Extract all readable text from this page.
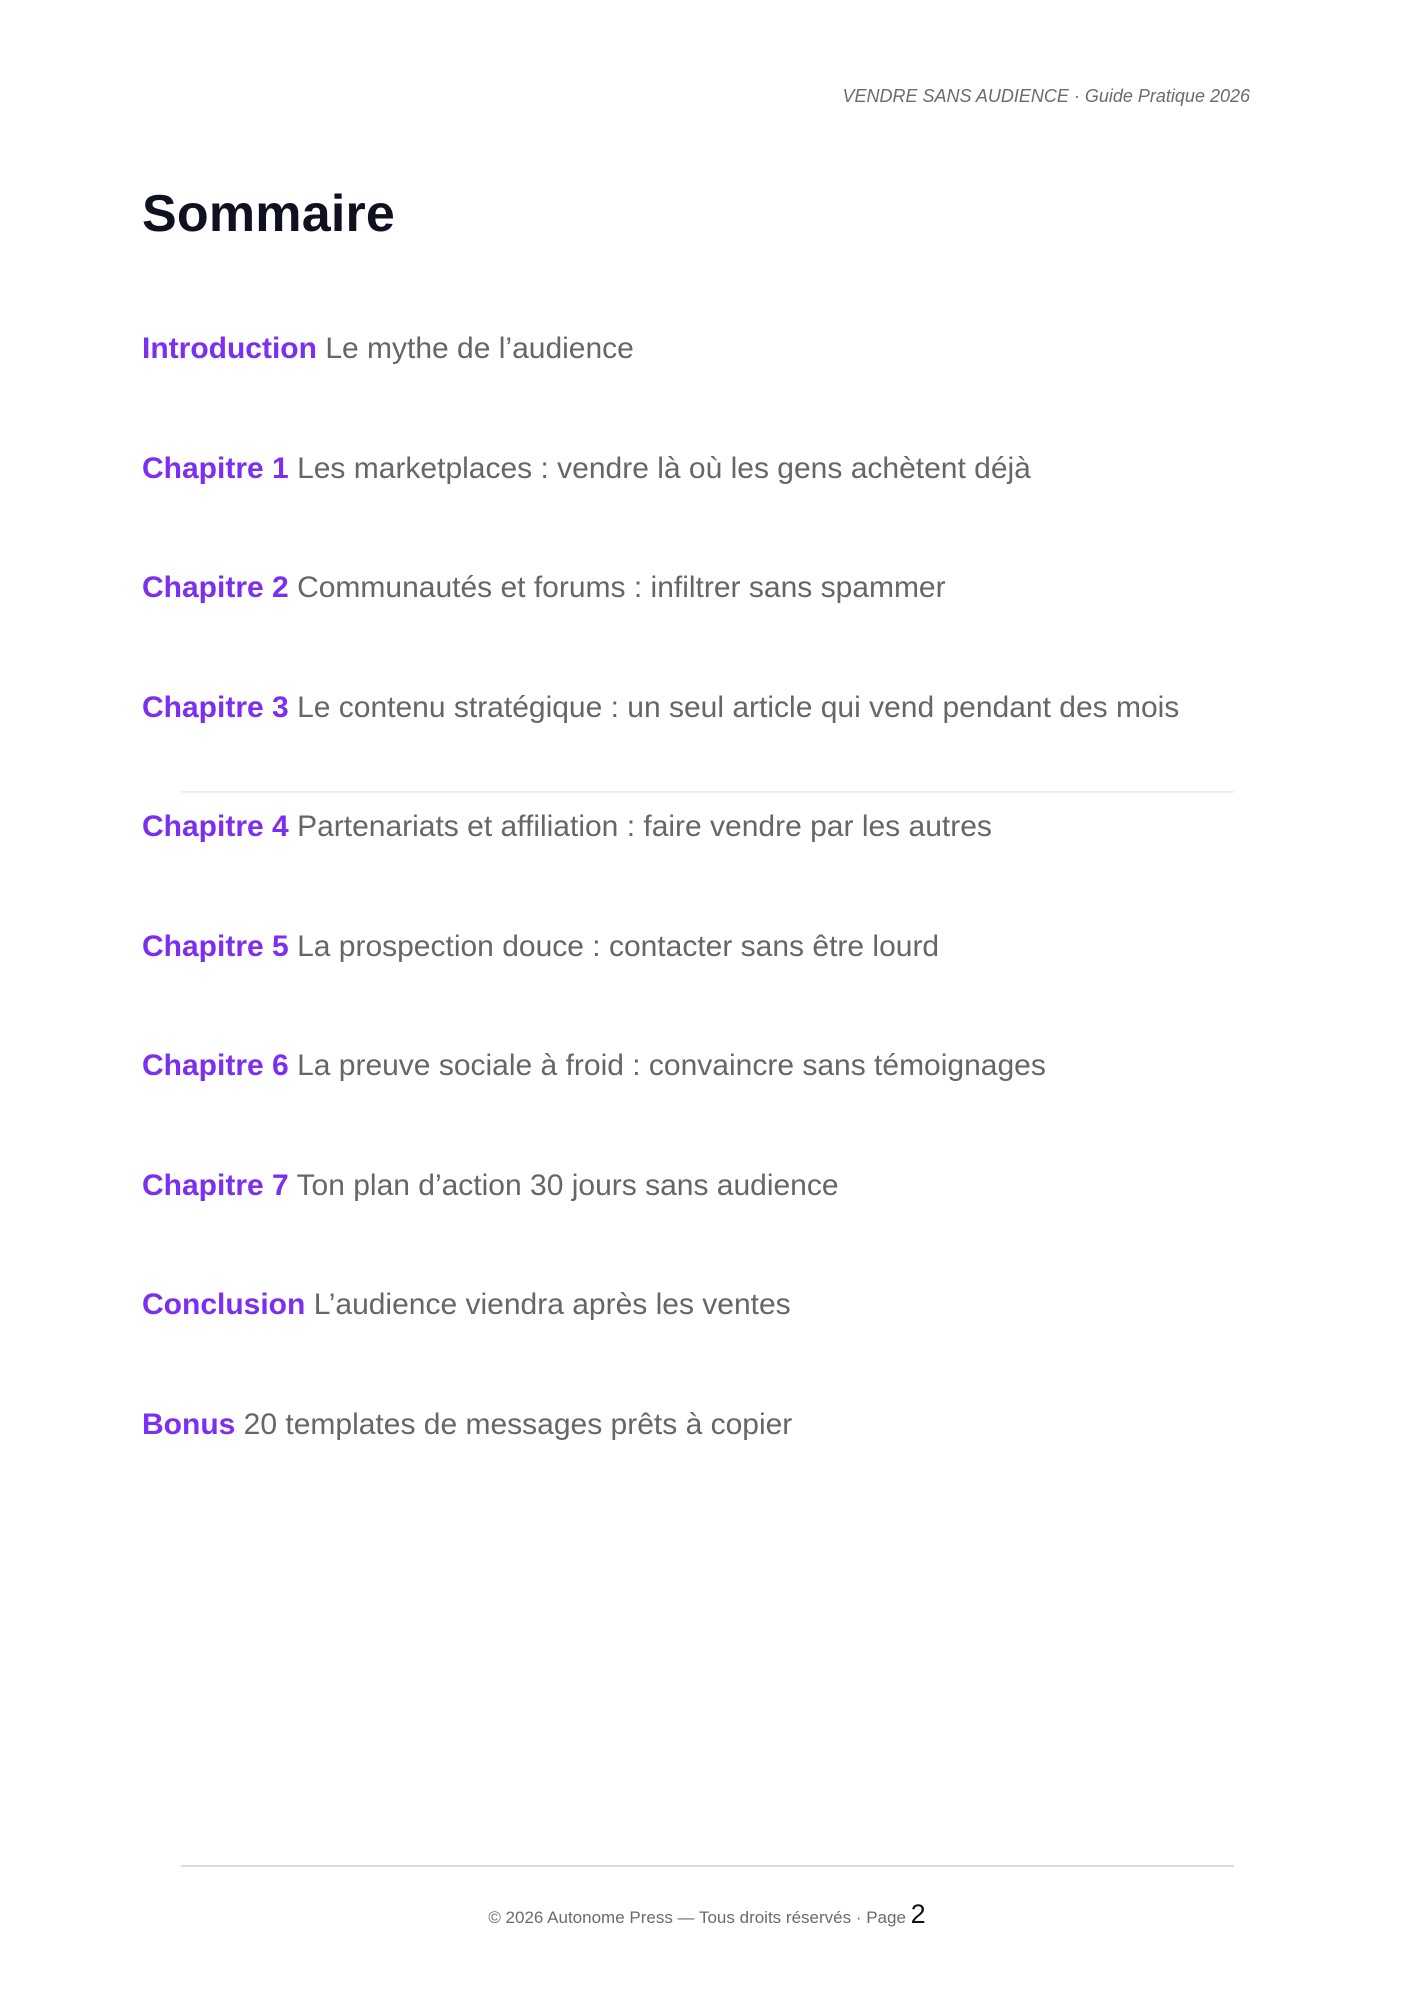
VENDRE SANS AUDIENCE · Guide Pratique 2026
Sommaire
Introduction Le mythe de l’audience
Chapitre 1 Les marketplaces : vendre là où les gens achètent déjà
Chapitre 2 Communautés et forums : infiltrer sans spammer
Chapitre 3 Le contenu stratégique : un seul article qui vend pendant des mois
Chapitre 4 Partenariats et affiliation : faire vendre par les autres
Chapitre 5 La prospection douce : contacter sans être lourd
Chapitre 6 La preuve sociale à froid : convaincre sans témoignages
Chapitre 7 Ton plan d’action 30 jours sans audience
Conclusion L’audience viendra après les ventes
Bonus 20 templates de messages prêts à copier
© 2026 Autonome Press — Tous droits réservés · Page 2
